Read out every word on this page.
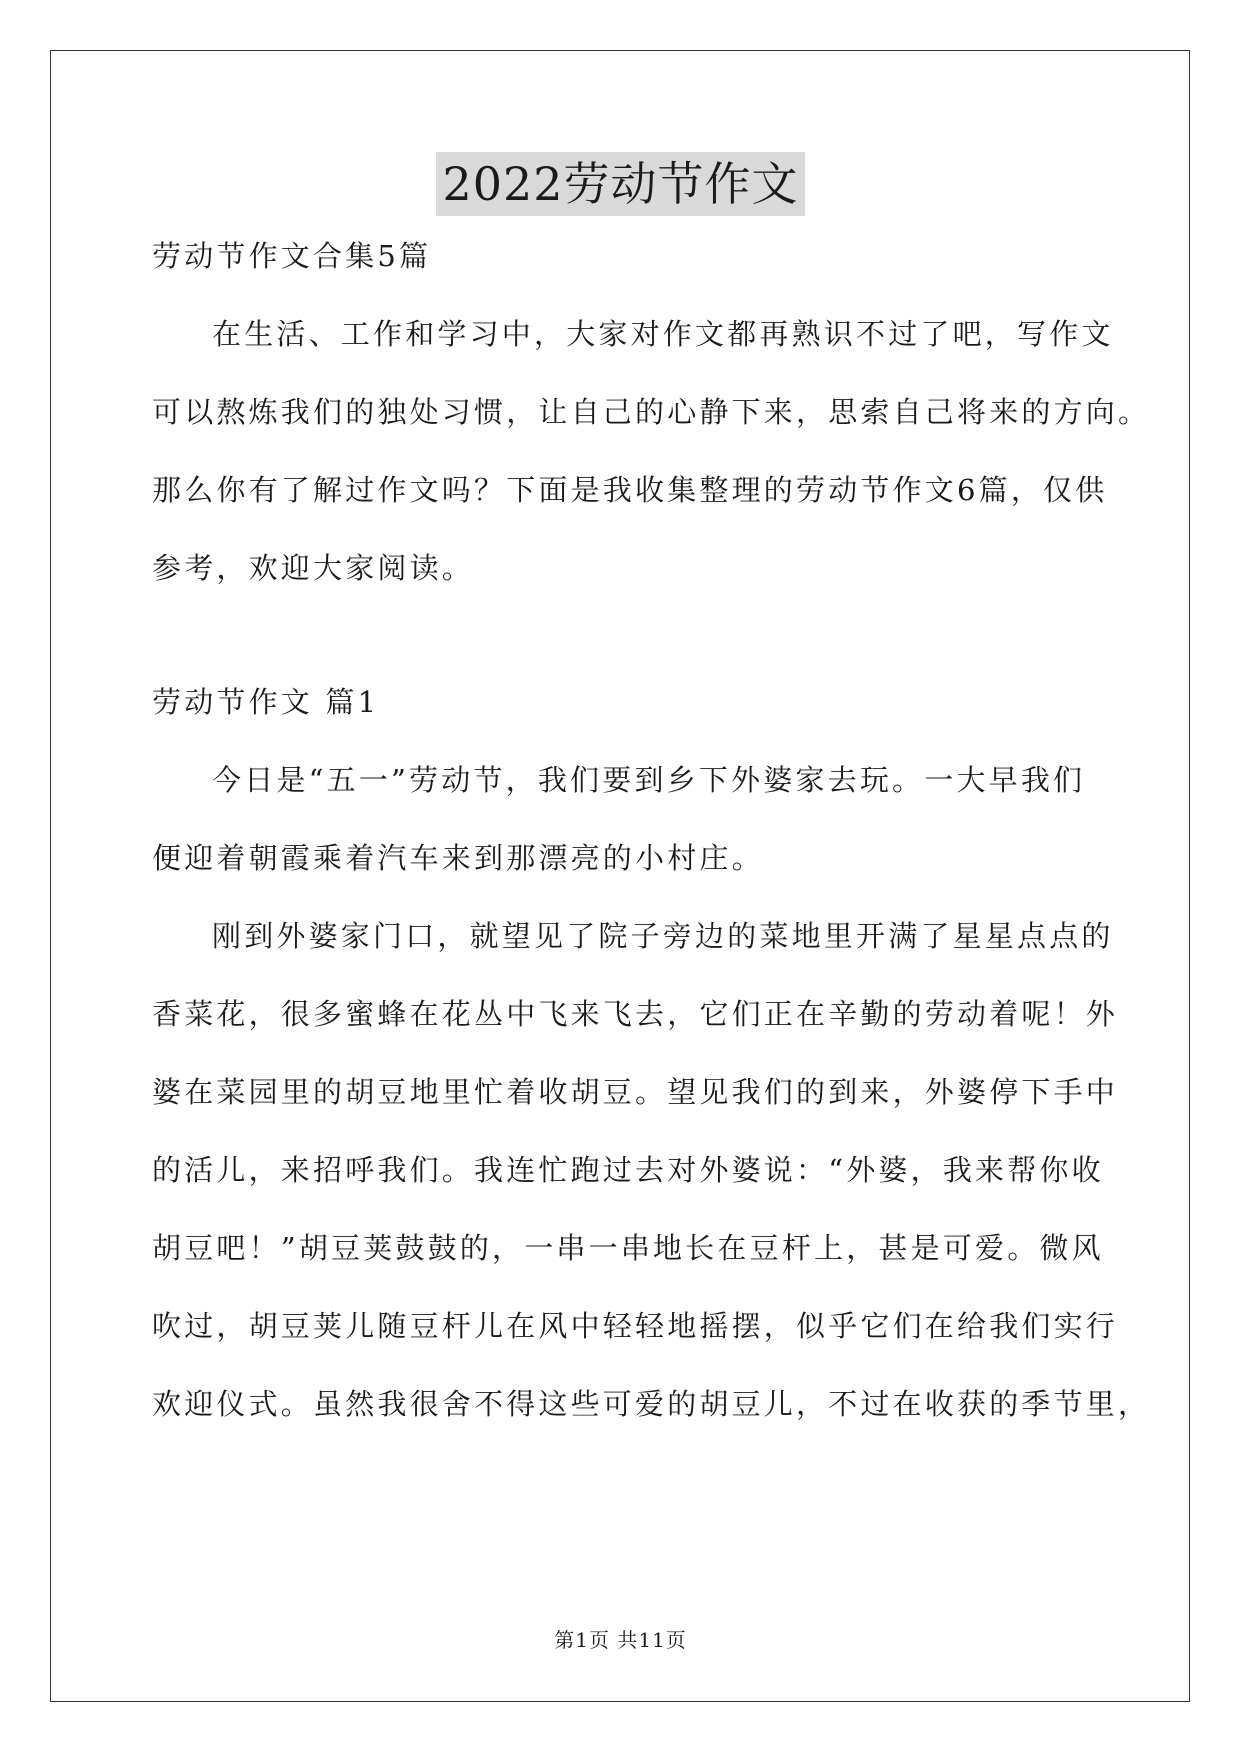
2022劳动节作文
劳动节作文合集5篇
在生活、工作和学习中，大家对作文都再熟识不过了吧，写作文
可以熬炼我们的独处习惯，让自己的心静下来，思索自己将来的方向。
那么你有了解过作文吗？下面是我收集整理的劳动节作文6篇，仅供
参考，欢迎大家阅读。
劳动节作文 篇1
今日是“五一”劳动节，我们要到乡下外婆家去玩。一大早我们
便迎着朝霞乘着汽车来到那漂亮的小村庄。
刚到外婆家门口，就望见了院子旁边的菜地里开满了星星点点的
香菜花，很多蜜蜂在花丛中飞来飞去，它们正在辛勤的劳动着呢！外
婆在菜园里的胡豆地里忙着收胡豆。望见我们的到来，外婆停下手中
的活儿，来招呼我们。我连忙跑过去对外婆说：“外婆，我来帮你收
胡豆吧！”胡豆荚鼓鼓的，一串一串地长在豆杆上，甚是可爱。微风
吹过，胡豆荚儿随豆杆儿在风中轻轻地摇摆，似乎它们在给我们实行
欢迎仪式。虽然我很舍不得这些可爱的胡豆儿，不过在收获的季节里，
第1页 共11页
